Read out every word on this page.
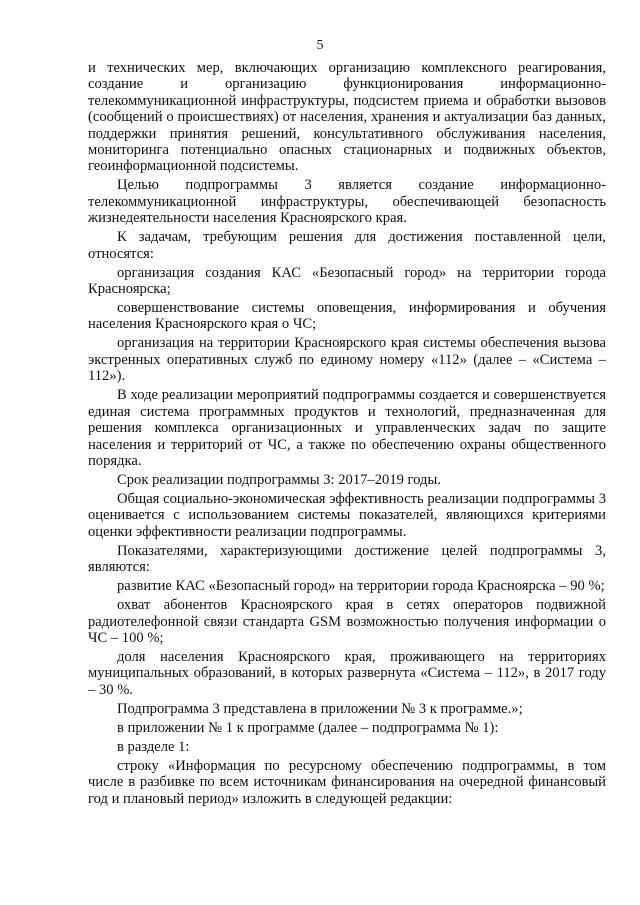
5

и технических мер, включающих организацию комплексного реагирования, создание и организацию функционирования информационно-телекоммуникационной инфраструктуры, подсистем приема и обработки вызовов (сообщений о происшествиях) от населения, хранения и актуализации баз данных, поддержки принятия решений, консультативного обслуживания населения, мониторинга потенциально опасных стационарных и подвижных объектов, геоинформационной подсистемы.

Целью подпрограммы 3 является создание информационно-телекоммуникационной инфраструктуры, обеспечивающей безопасность жизнедеятельности населения Красноярского края.

К задачам, требующим решения для достижения поставленной цели, относятся:

организация создания КАС «Безопасный город» на территории города Красноярска;

совершенствование системы оповещения, информирования и обучения населения Красноярского края о ЧС;

организация на территории Красноярского края системы обеспечения вызова экстренных оперативных служб по единому номеру «112» (далее – «Система – 112»).

В ходе реализации мероприятий подпрограммы создается и совершенствуется единая система программных продуктов и технологий, предназначенная для решения комплекса организационных и управленческих задач по защите населения и территорий от ЧС, а также по обеспечению охраны общественного порядка.

Срок реализации подпрограммы 3: 2017–2019 годы.

Общая социально-экономическая эффективность реализации подпрограммы 3 оценивается с использованием системы показателей, являющихся критериями оценки эффективности реализации подпрограммы.

Показателями, характеризующими достижение целей подпрограммы 3, являются:

развитие КАС «Безопасный город» на территории города Красноярска – 90 %;

охват абонентов Красноярского края в сетях операторов подвижной радиотелефонной связи стандарта GSM возможностью получения информации о ЧС – 100 %;

доля населения Красноярского края, проживающего на территориях муниципальных образований, в которых развернута «Система – 112», в 2017 году – 30 %.

Подпрограмма 3 представлена в приложении № 3 к программе.»;

в приложении № 1 к программе (далее – подпрограмма № 1):

в разделе 1:

строку «Информация по ресурсному обеспечению подпрограммы, в том числе в разбивке по всем источникам финансирования на очередной финансовый год и плановый период» изложить в следующей редакции:
